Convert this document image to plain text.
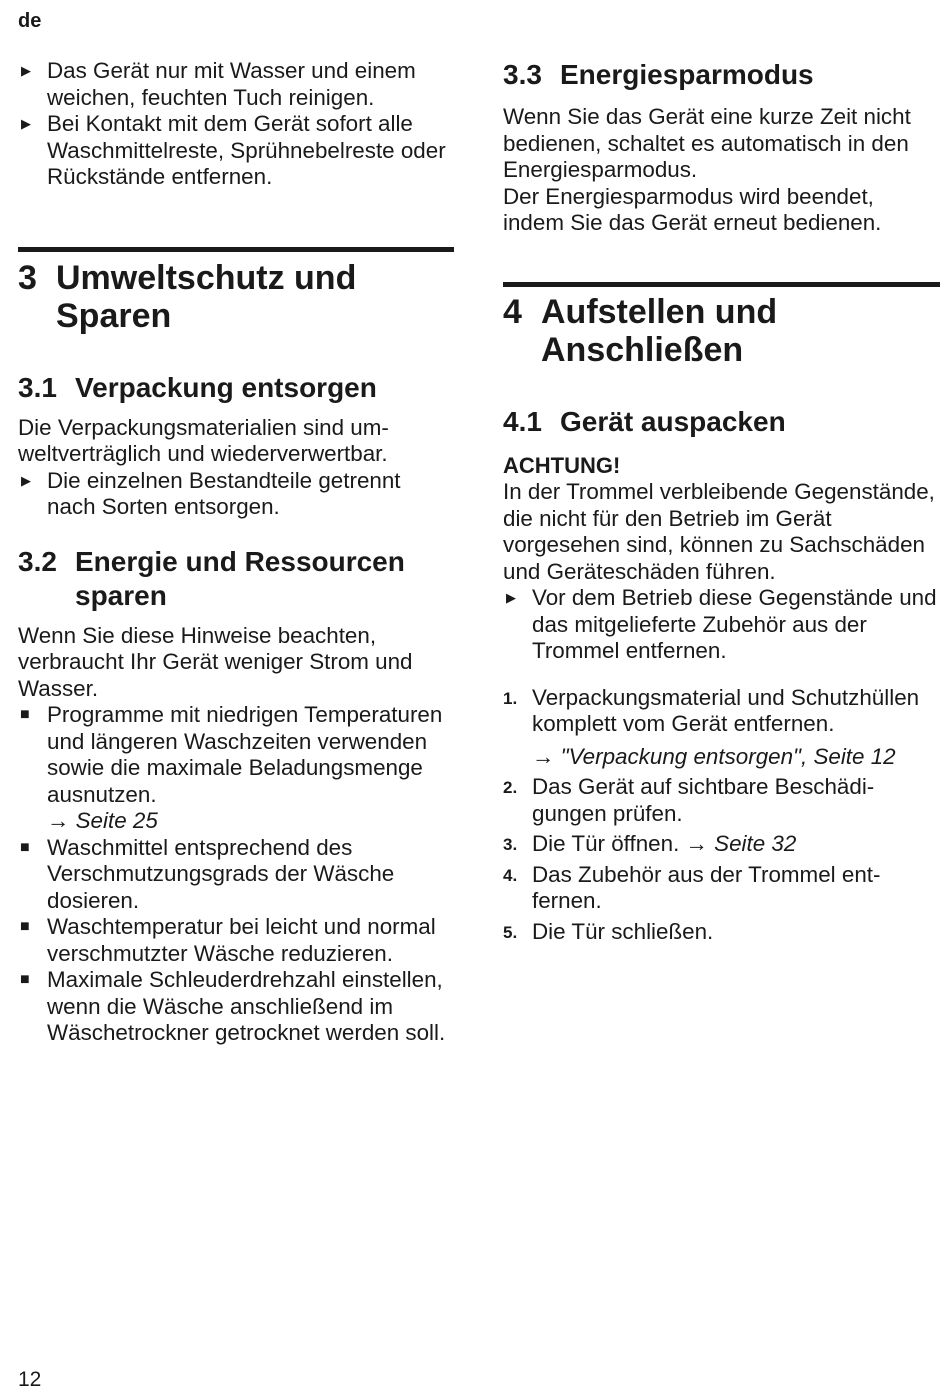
de
▶ Das Gerät nur mit Wasser und einem weichen, feuchten Tuch reinigen.
▶ Bei Kontakt mit dem Gerät sofort alle Waschmittelreste, Sprühnebelreste oder Rückstände entfernen.
3 Umweltschutz und Sparen
3.1 Verpackung entsorgen

Die Verpackungsmaterialien sind umweltverträglich und wiederverwertbar.

▶ Die einzelnen Bestandteile getrennt nach Sorten entsorgen.
3.2 Energie und Ressourcen sparen

Wenn Sie diese Hinweise beachten, verbraucht Ihr Gerät weniger Strom und Wasser.

■ Programme mit niedrigen Temperaturen und längeren Waschzeiten verwenden sowie die maximale Beladungsmenge ausnutzen.
→ Seite 25
■ Waschmittel entsprechend des Verschmutzungsgrads der Wäsche dosieren.
■ Waschtemperatur bei leicht und normal verschmutzter Wäsche reduzieren.
■ Maximale Schleuderdrehzahl einstellen, wenn die Wäsche anschließend im Wäschetrockner getrocknet werden soll.
3.3 Energiesparmodus

Wenn Sie das Gerät eine kurze Zeit nicht bedienen, schaltet es automatisch in den Energiesparmodus.

Der Energiesparmodus wird beendet, indem Sie das Gerät erneut bedienen.

4 Aufstellen und Anschließen
4.1 Gerät auspacken
ACHTUNG!

In der Trommel verbleibende Gegenstände, die nicht für den Betrieb im Gerät vorgesehen sind, können zu Sachschäden und Geräteschäden führen.

▶ Vor dem Betrieb diese Gegenstände und das mitgelieferte Zubehör aus der Trommel entfernen.
1. Verpackungsmaterial und Schutzhüllen komplett vom Gerät entfernen.
→ "Verpackung entsorgen", Seite 12
2. Das Gerät auf sichtbare Beschädigungen prüfen.
3. Die Tür öffnen. → Seite 32
4. Das Zubehör aus der Trommel entfernen.
5. Die Tür schließen.
12
